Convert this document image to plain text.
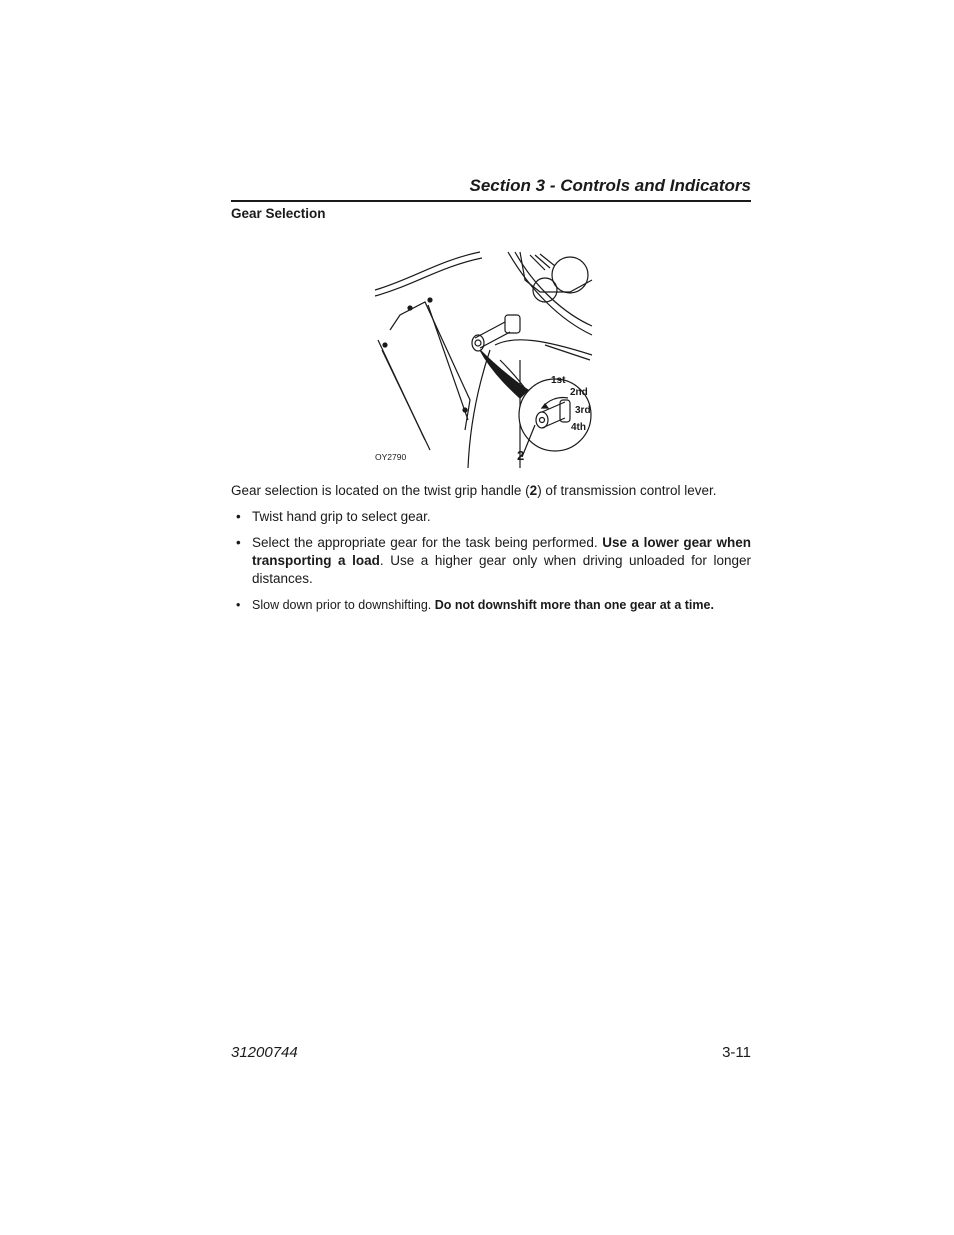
Section 3 - Controls and Indicators
Gear Selection
1st
2nd
3rd
4th
OY2790	2
Gear selection is located on the twist grip handle (2) of transmission control lever.
• Twist hand grip to select gear.
• Select the appropriate gear for the task being performed. Use a lower gear when transporting a load. Use a higher gear only when driving unloaded for longer distances.
• Slow down prior to downshifting. Do not downshift more than one gear at a time.
31200744	3-11
